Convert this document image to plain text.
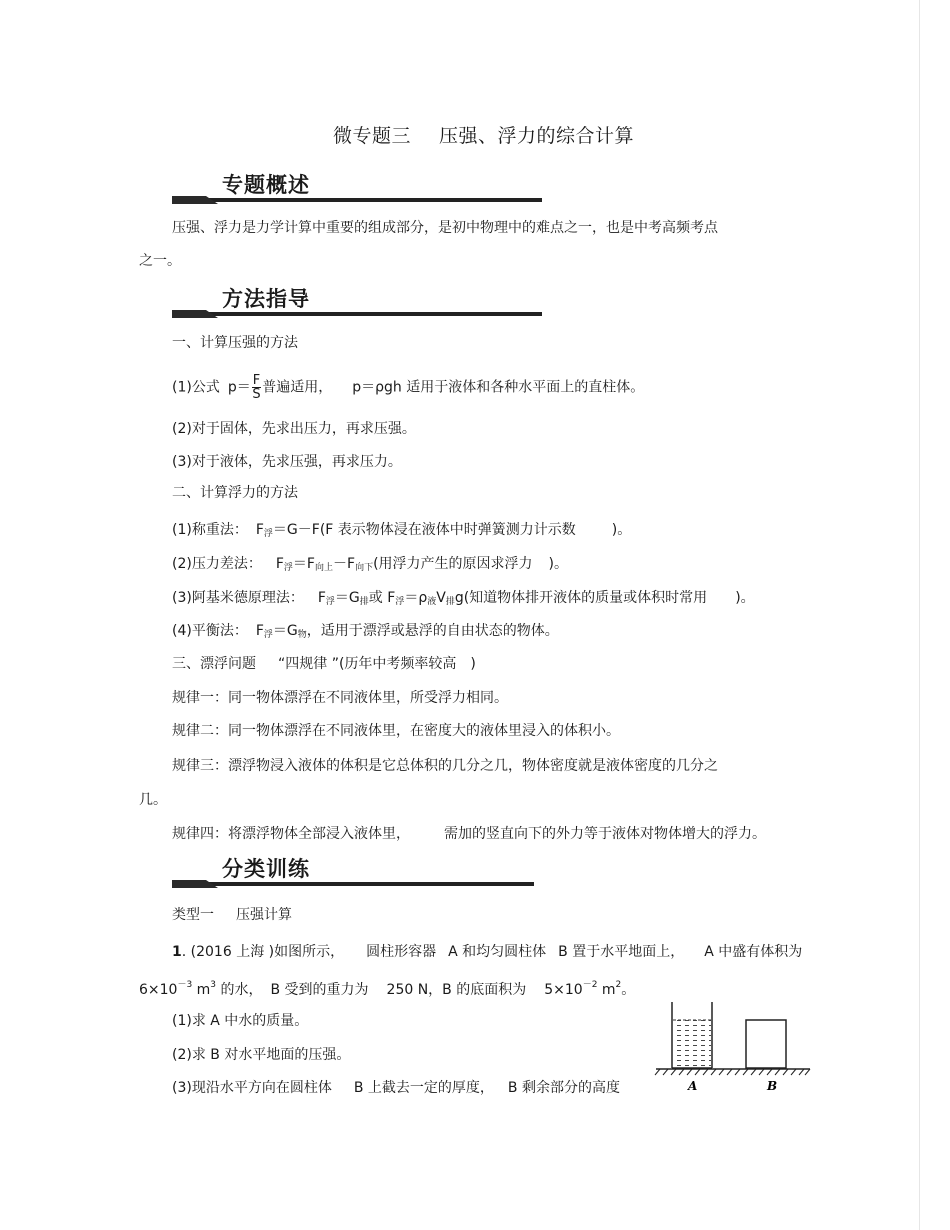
微专题三 压强、浮力的综合计算
专题概述
压强、浮力是力学计算中重要的组成部分，是初中物理中的难点之一，也是中考高频考点
之一。
方法指导
一、计算压强的方法
(1)公式 $p= \frac{F}{S}$ 普遍适用， p＝ρgh 适用于液体和各种水平面上的直柱体。
(2)对于固体，先求出压力，再求压强。
(3)对于液体，先求压强，再求压力。
二、计算浮力的方法
(1)称重法： $F_浮=G-F(F$ 表示物体浸在液体中时弹簧测力计示数	)。
(2)压力差法： $F_浮=F_{向上}-F_{向下}$(用浮力产生的原因求浮力 )。
(3)阿基米德原理法： $F_浮=G_排$或 $F_浮=\rho_液V_排g$(知道物体排开液体的质量或体积时常用 )。
(4)平衡法： $F_浮=G_物$，适用于漂浮或悬浮的自由状态的物体。
三、漂浮问题 “四规律 ”(历年中考频率较高 )
规律一：同一物体漂浮在不同液体里，所受浮力相同。
规律二：同一物体漂浮在不同液体里，在密度大的液体里浸入的体积小。
规律三：漂浮物浸入液体的体积是它总体积的几分之几，物体密度就是液体密度的几分之
几。
规律四：将漂浮物体全部浸入液体里， 需加的竖直向下的外力等于液体对物体增大的浮力。
分类训练
类型一 压强计算
1. (2016 上海 )如图所示， 圆柱形容器 A 和均匀圆柱体 B 置于水平地面上， A 中盛有体积为
$6\times 10^{-3}$ $m^3$ 的水， B 受到的重力为 250 N，B 的底面积为 $5\times 10^{-2}$ $m^2$。
(1)求 A 中水的质量。
(2)求 B 对水平地面的压强。
(3)现沿水平方向在圆柱体 B 上截去一定的厚度， B 剩余部分的高度	A	B
